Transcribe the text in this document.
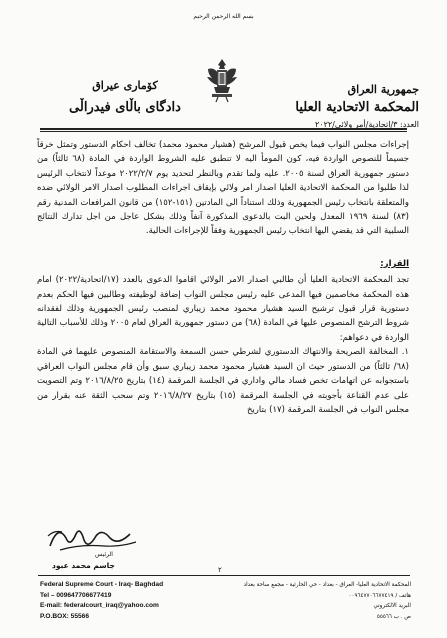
بسم الله الرحمن الرحيم
جمهورية العراق
المحكمة الاتحادية العليا
العدد: ٣/اتحادية/أمر ولائي/٢٠٢٢
كۆماری عیراق
دادگای باڵای فیدراڵی

إجراءات مجلس النواب فيما يخص قبول المرشح (هشيار محمود محمد) تخالف احكام الدستور وتمثل خرقاً جسيماً للنصوص الواردة فيه، كون المومأ اليه لا تنطبق عليه الشروط الواردة في المادة (٦٨ ثالثاً) من دستور جمهورية العراق لسنة ٢٠٠٥. عليه ولما تقدم وبالنظر لتحديد يوم ٢٠٢٢/٢/٧ موعداً لانتخاب الرئيس لذا طلبوا من المحكمة الاتحادية العليا اصدار امر ولائي بإيقاف اجراءات المطلوب اصدار الامر الولائي ضده والمتعلقة بانتخاب رئيس الجمهورية وذلك استناداً الى المادتين (١٥١-١٥٢) من قانون المرافعات المدنية رقم (٨٣) لسنة ١٩٦٩ المعدل ولحين البت بالدعوى المذكورة آنفاً وذلك بشكل عاجل من اجل تدارك النتائج السلبية التي قد يقضي اليها انتخاب رئيس الجمهورية وفقاً للإجراءات الحالية.

القرار:

تجد المحكمة الاتحادية العليا أن طالبي اصدار الامر الولائي اقاموا الدعوى بالعدد (١٧/اتحادية/٢٠٢٢) امام هذه المحكمة مخاصمين فيها المدعى عليه رئيس مجلس النواب إضافة لوظيفته وطالبين فيها الحكم بعدم دستورية قرار قبول ترشيح السيد هشيار محمود محمد زيباري لمنصب رئيس الجمهورية وذلك لفقدانه شروط الترشح المنصوص عليها في المادة (٦٨) من دستور جمهورية العراق لعام ٢٠٠٥ وذلك للأسباب التالية الواردة في دعواهم:

١. المخالفة الصريحة والانتهاك الدستوري لشرطي حسن السمعة والاستقامة المنصوص عليهما في المادة (٦٨/ ثالثاً) من الدستور حيث ان السيد هشيار محمود محمد زيباري سبق وأن قام مجلس النواب العراقي باستجوابه عن اتهامات تخص فساد مالي واداري في الجلسة المرقمة (١٤) بتاريخ ٢٠١٦/٨/٢٥ وتم التصويت على عدم القناعة بأجوبته في الجلسة المرقمة (١٥) بتاريخ ٢٠١٦/٨/٢٧ وتم سحب الثقة عنه بقرار من مجلس النواب في الجلسة المرقمة (١٧) بتاريخ

الرئيس
جاسم محمد عبود	٢
Federal Supreme Court - Iraq- Baghdad
Tel – 009647706677419
E-mail: federalcourt_iraq@yahoo.com
P.O.BOX: 55566
المحكمة الاتحادية العليا- العراق - بغداد - حي الحارثية - مجمع ساحة بغداد
هاتف / ٠٠٩٦٤٧٧٠٦٦٧٧٤١٩
البريد الالكتروني
ص . ب ٥٥٥٦٦
